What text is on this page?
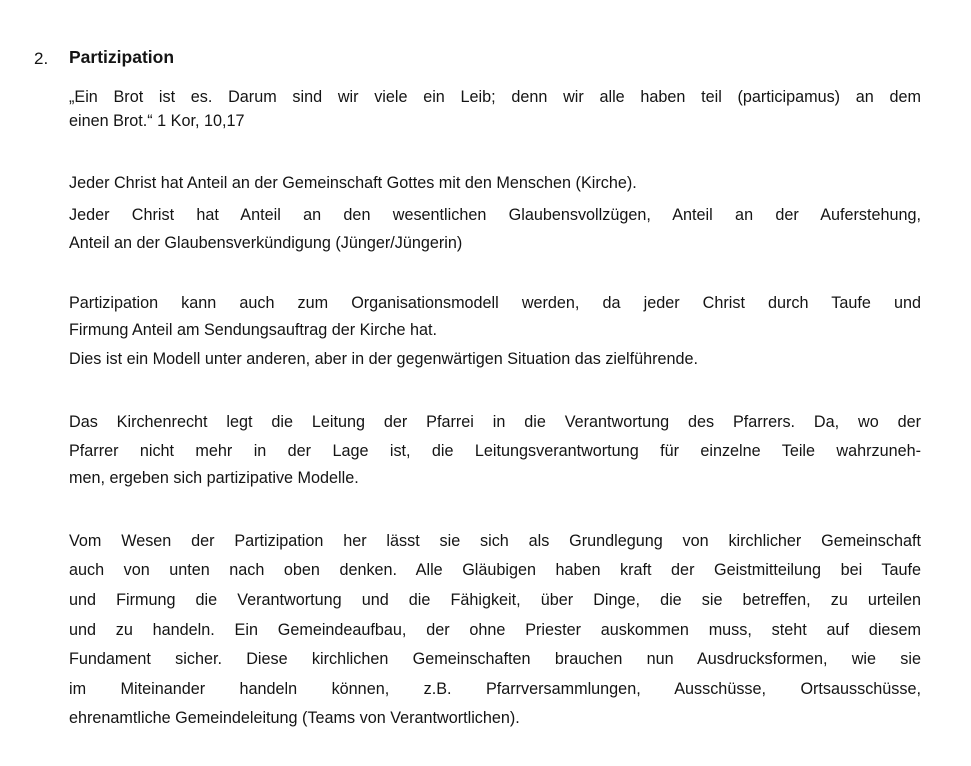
2. Partizipation
„Ein Brot ist es. Darum sind wir viele ein Leib; denn wir alle haben teil (participamus) an dem
einen Brot.“ 1 Kor, 10,17
Jeder Christ hat Anteil an der Gemeinschaft Gottes mit den Menschen (Kirche).
Jeder Christ hat Anteil an den wesentlichen Glaubensvollzügen, Anteil an der Auferstehung,
Anteil an der Glaubensverkündigung (Jünger/Jüngerin)
Partizipation kann auch zum Organisationsmodell werden, da jeder Christ durch Taufe und
Firmung Anteil am Sendungsauftrag der Kirche hat.
Dies ist ein Modell unter anderen, aber in der gegenwärtigen Situation das zielführende.
Das Kirchenrecht legt die Leitung der Pfarrei in die Verantwortung des Pfarrers. Da, wo der
Pfarrer nicht mehr in der Lage ist, die Leitungsverantwortung für einzelne Teile wahrzuneh-
men, ergeben sich partizipative Modelle.
Vom Wesen der Partizipation her lässt sie sich als Grundlegung von kirchlicher Gemeinschaft
auch von unten nach oben denken. Alle Gläubigen haben kraft der Geistmitteilung bei Taufe
und Firmung die Verantwortung und die Fähigkeit, über Dinge, die sie betreffen, zu urteilen
und zu handeln. Ein Gemeindeaufbau, der ohne Priester auskommen muss, steht auf diesem
Fundament sicher. Diese kirchlichen Gemeinschaften brauchen nun Ausdrucksformen, wie sie
im Miteinander handeln können, z.B. Pfarrversammlungen, Ausschüsse, Ortsausschüsse,
ehrenamtliche Gemeindeleitung (Teams von Verantwortlichen).
